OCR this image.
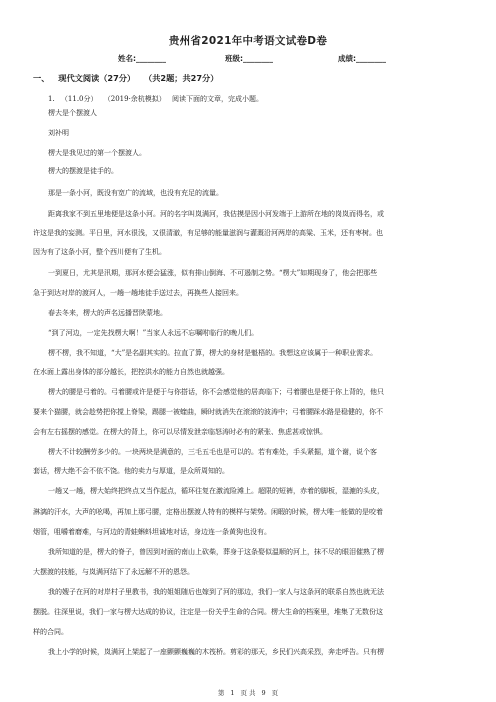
贵州省2021年中考语文试卷D卷
姓名:________	班级:________	成绩:________
一、 现代文阅读（27分） （共2题；共27分）
1. （11.0分） （2019·余杭模拟） 阅读下面的文章，完成小题。
楞大是个摆渡人
刘补明
楞大是我见过的第一个摆渡人。
楞大的摆渡是徒手的。
那是一条小河，既没有宽广的流域，也没有充足的流量。
距离我家不到五里地便是这条小河。河的名字叫岚满河，我估摸是因小河发端于上游所在地的岗岚而得名，或
许这是我的妄测。平日里，河水很浅，又很清澈，有足够的能量滋润与灌溉沿河两岸的高粱、玉米，还有枣树。也
因为有了这条小河，整个西川便有了生机。
一到夏日，尤其是汛期，那河水便会猛涨，似有排山倒海、不可遏制之势。“楞大”如期现身了，他会把那些
急于到达对岸的渡河人，一趟一趟地徒手送过去，再换些人接回来。
春去冬来，楞大的声名远播晋陕蒙地。
“到了河边，一定先找楞大啊！”当家人永远不忘嘱咐临行的晚儿们。
楞不楞，我不知道，“大”是名副其实的。拉直了算，楞大的身材是魁梧的。我想这应该属于一种职业需求。
在水面上露出身体的部分越长，把控洪水的能力自然也就越强。
楞大的腰是弓着的。弓着腰或许是便于与你搭话，你不会感觉他的居高临下；弓着腰也是便于你上背的，他只
要来个猫腰，就会趁势把你搅上脊梁，踢腿一被蝰曲，瞬时就消失在滚滚的波涛中；弓着腰踩水路是稳健的，你不
会有左右摇摆的感觉。在楞大的背上，你可以尽情发泄亲临怒涛时必有的紧张、焦虑甚或惊惧。
楞大不计较酬劳多少的。一块两块是满意的，三毛五毛也是可以的。若有难处，手头紧掘，道个谢，说个客
套话，楞大绝不会不依不饶。他的卖力与厚道，是众所周知的。
一趟又一趟，楞大始终把终点又当作起点，循环往复在激流险滩上。超限的短裤，赤着的脚板，湿漉的头皮，
淋漓的汗水，大声的吆喝，再加上那弓腰，定格出摆渡人特有的模样与架势。闲暇的时候，楞大唯一能做的是咬着
烟管，咀嚼着磨难，与河边的青蛙蝌蚪坦诚地对话，身边连一条黄狗也没有。
我所知道的是，楞大的脊子，曾因到对面的南山上砍柴，葬身于这条娶似温顺的河上，抹不尽的眼泪催熟了楞
大摆渡的技能，与岚满河结下了永远解不开的恩怨。
我的嫂子在河的对岸村子里教书，我的姐姐随后也嫁到了河的那边，我们一家人与这条河的联系自然也就无法
摆脱。往深里说，我们一家与楞大达成的协议，注定是一份关乎生命的合同。楞大生命的档案里，堆集了无数份这
样的合同。
我上小学的时候，岚满河上架起了一座颤颤巍巍的木筏桥。剪彩的那天，乡民们兴高采烈，奔走呼告。只有楞
第 1 页 共 9 页
